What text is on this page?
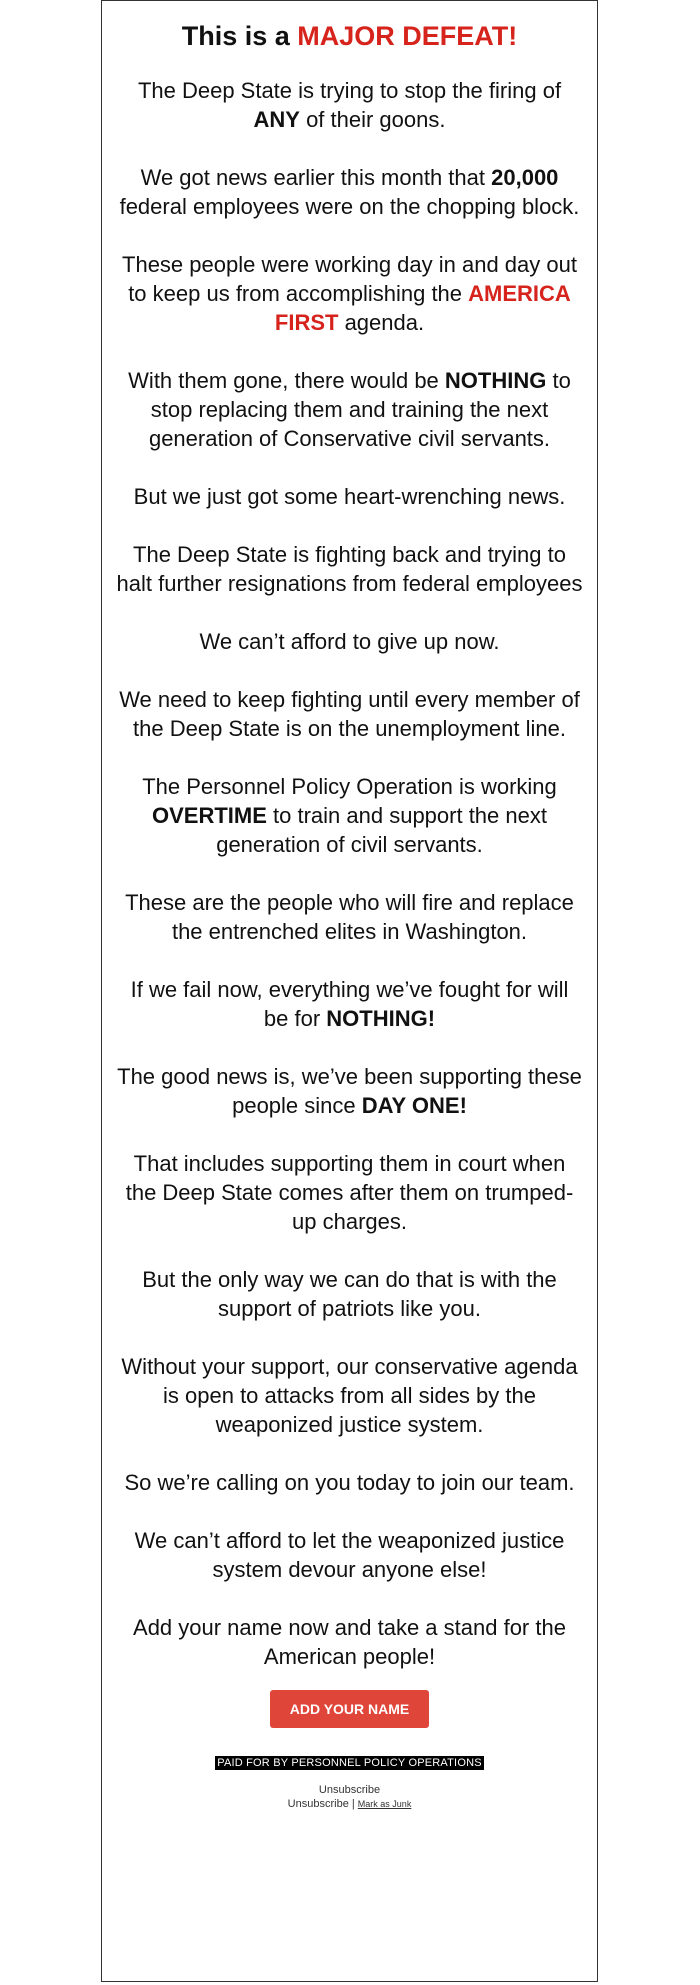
This is a MAJOR DEFEAT!

The Deep State is trying to stop the firing of ANY of their goons.

We got news earlier this month that 20,000 federal employees were on the chopping block.

These people were working day in and day out to keep us from accomplishing the AMERICA FIRST agenda.

With them gone, there would be NOTHING to stop replacing them and training the next generation of Conservative civil servants.

But we just got some heart-wrenching news.

The Deep State is fighting back and trying to halt further resignations from federal employees

We can’t afford to give up now.

We need to keep fighting until every member of the Deep State is on the unemployment line.

The Personnel Policy Operation is working OVERTIME to train and support the next generation of civil servants.

These are the people who will fire and replace the entrenched elites in Washington.

If we fail now, everything we’ve fought for will be for NOTHING!

The good news is, we’ve been supporting these people since DAY ONE!

That includes supporting them in court when the Deep State comes after them on trumped-up charges.

But the only way we can do that is with the support of patriots like you.

Without your support, our conservative agenda is open to attacks from all sides by the weaponized justice system.

So we’re calling on you today to join our team.

We can’t afford to let the weaponized justice system devour anyone else!

Add your name now and take a stand for the American people!

ADD YOUR NAME
PAID FOR BY PERSONNEL POLICY OPERATIONS
Unsubscribe
Unsubscribe | Mark as Junk
